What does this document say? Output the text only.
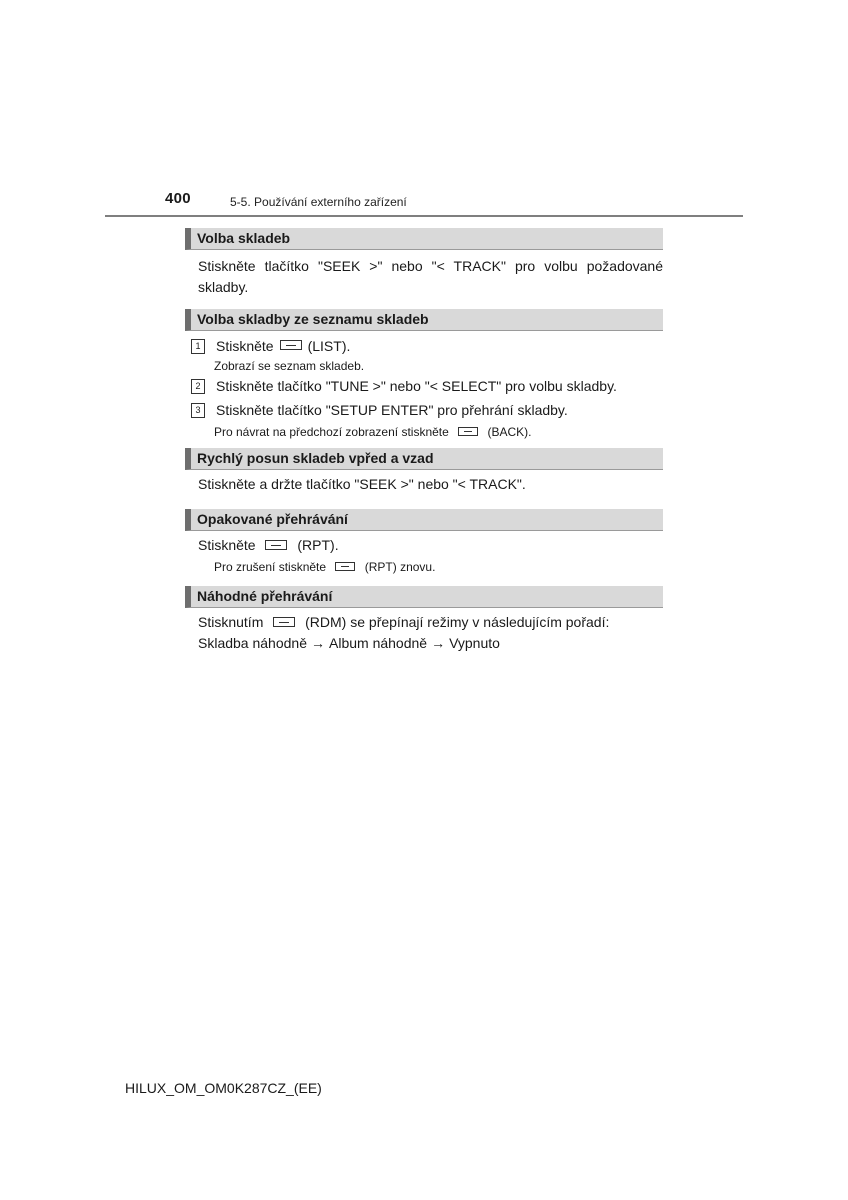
400	5-5. Používání externího zařízení
Volba skladeb

Stiskněte tlačítko "SEEK >" nebo "< TRACK" pro volbu požadované skladby.

Volba skladby ze seznamu skladeb
1	Stiskněte (LIST).

Zobrazí se seznam skladeb.

2	Stiskněte tlačítko "TUNE >" nebo "< SELECT" pro volbu skladby.
3	Stiskněte tlačítko "SETUP ENTER" pro přehrání skladby.

Pro návrat na předchozí zobrazení stiskněte	(BACK).

Rychlý posun skladeb vpřed a vzad

Stiskněte a držte tlačítko "SEEK >" nebo "< TRACK".

Opakované přehrávání

Stiskněte	(RPT).

Pro zrušení stiskněte	(RPT) znovu.

Náhodné přehrávání

Stisknutím	(RDM) se přepínají režimy v následujícím pořadí:

Skladba náhodně → Album náhodně → Vypnuto

HILUX_OM_OM0K287CZ_(EE)
